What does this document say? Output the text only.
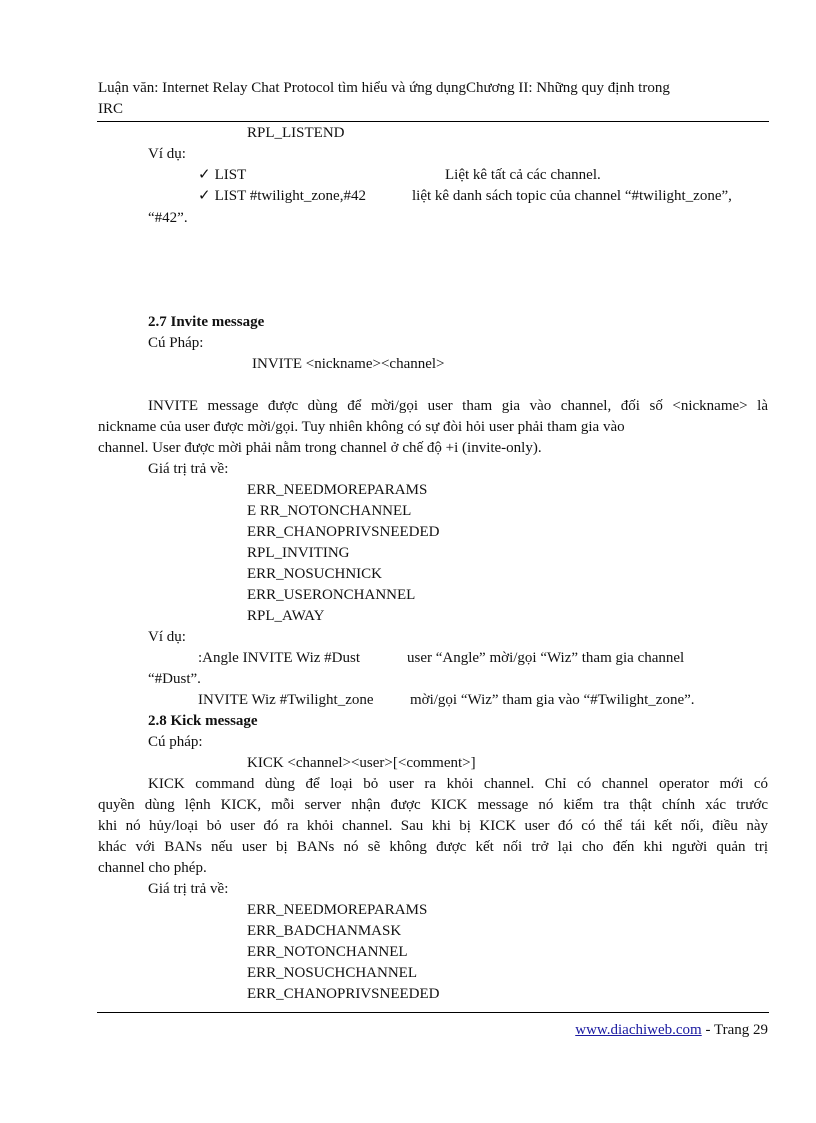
Luận văn: Internet Relay Chat Protocol tìm hiểu và ứng dụngChương II: Những quy định trong
IRC
RPL_LISTEND
Ví dụ:
✓ LIST	Liệt kê tất cả các channel.
✓ LIST #twilight_zone,#42	liệt kê danh sách topic của channel “#twilight_zone”,
“#42”.
2.7 Invite message
Cú Pháp:
INVITE <nickname><channel>
INVITE message được dùng để mời/gọi user tham gia vào channel, đối số <nickname> là
nickname của user được mời/gọi. Tuy nhiên không có sự đòi hỏi user phải tham gia vào
channel. User được mời phải nằm trong channel ở chế độ +i (invite-only).
Giá trị trả về:
ERR_NEEDMOREPARAMS
E RR_NOTONCHANNEL
ERR_CHANOPRIVSNEEDED
RPL_INVITING
ERR_NOSUCHNICK
ERR_USERONCHANNEL
RPL_AWAY
Ví dụ:
:Angle INVITE Wiz #Dust	user “Angle” mời/gọi “Wiz” tham gia channel
“#Dust”.
INVITE Wiz #Twilight_zone mời/gọi “Wiz” tham gia vào “#Twilight_zone”.
2.8 Kick message
Cú pháp:
KICK <channel><user>[<comment>]
KICK command dùng để loại bỏ user ra khỏi channel. Chỉ có channel operator mới có
quyền dùng lệnh KICK, mỗi server nhận được KICK message nó kiểm tra thật chính xác trước
khi nó hủy/loại bỏ user đó ra khỏi channel. Sau khi bị KICK user đó có thể tái kết nối, điều này
khác với BANs nếu user bị BANs nó sẽ không được kết nối trở lại cho đến khi người quản trị
channel cho phép.
Giá trị trả về:
ERR_NEEDMOREPARAMS
ERR_BADCHANMASK
ERR_NOTONCHANNEL
ERR_NOSUCHCHANNEL
ERR_CHANOPRIVSNEEDED
www.diachiweb.com - Trang 29
